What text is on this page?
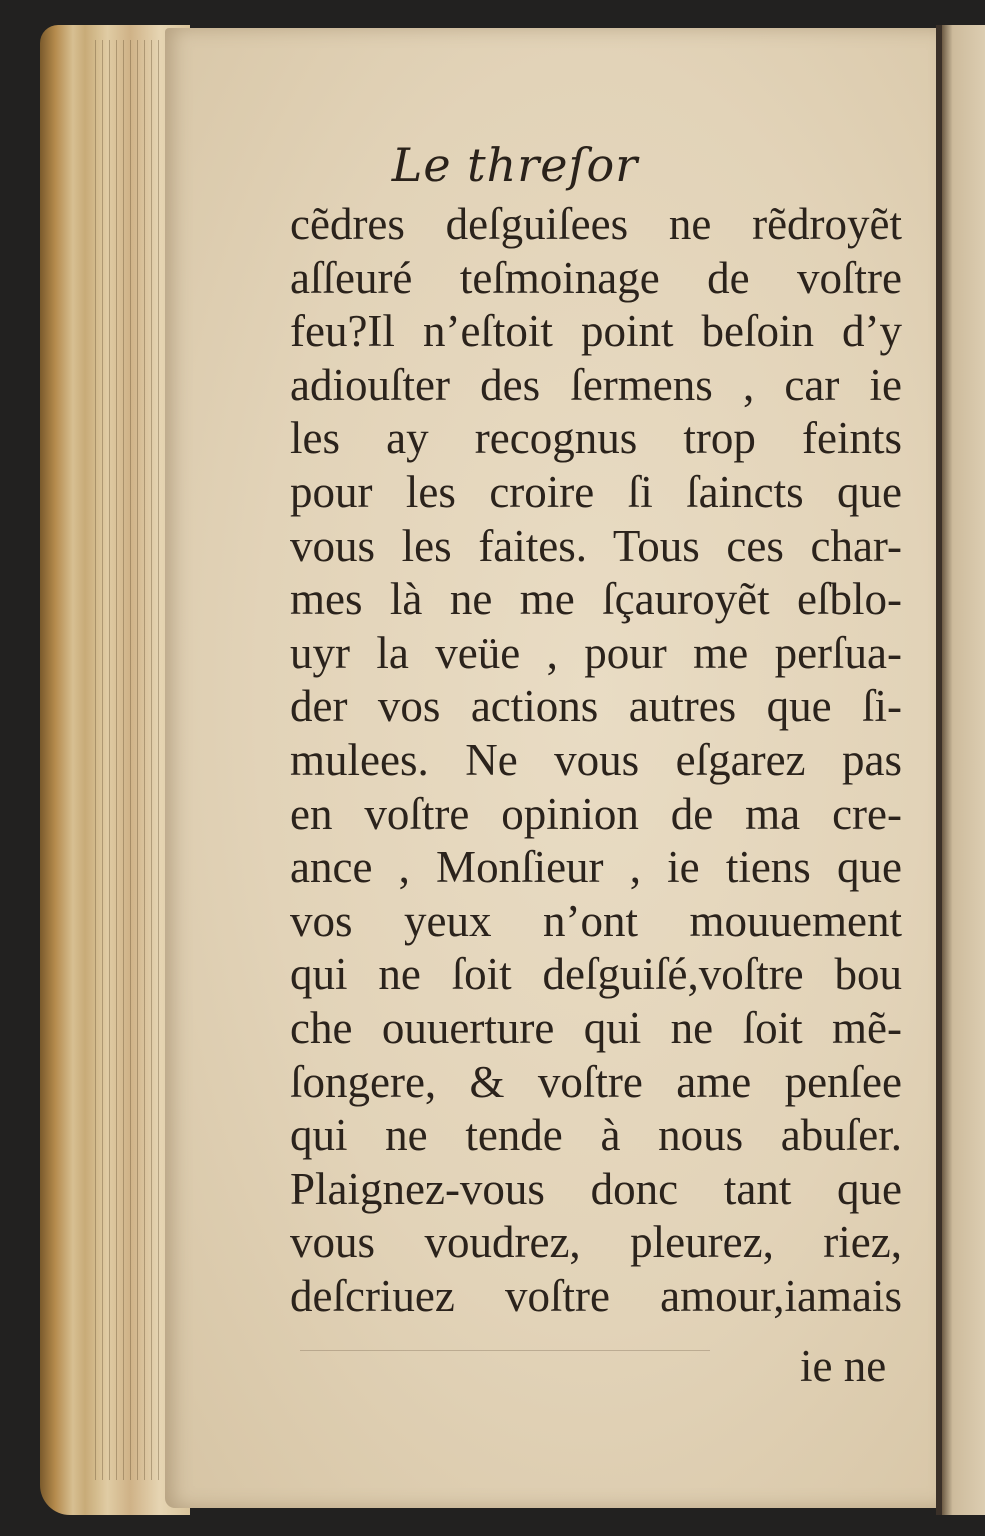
Le threſor
cẽdres deſguiſees ne rẽdroyẽt
aſſeuré teſmoinage de voſtre
feu?Il n’eſtoit point beſoin d’y
adiouſter des ſermens , car ie
les ay recognus trop feints
pour les croire ſi ſaincts que
vous les faites. Tous ces char-
mes là ne me ſçauroyẽt eſblo-
uyr la veüe , pour me perſua-
der vos actions autres que ſi-
mulees. Ne vous eſgarez pas
en voſtre opinion de ma cre-
ance , Monſieur , ie tiens que
vos yeux n’ont mouuement
qui ne ſoit deſguiſé,voſtre bou
che ouuerture qui ne ſoit mẽ-
ſongere, & voſtre ame penſee
qui ne tende à nous abuſer.
Plaignez-vous donc tant que
vous voudrez, pleurez, riez,
deſcriuez voſtre amour,iamais
ie ne
